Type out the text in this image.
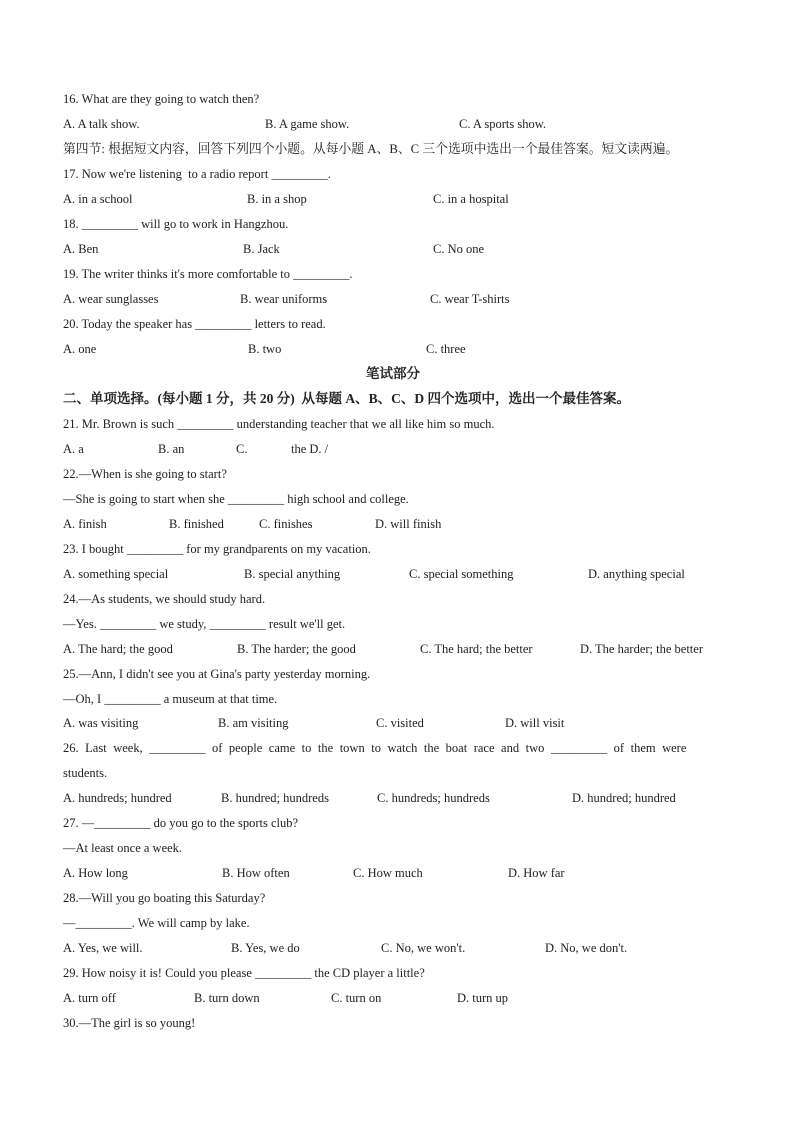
16. What are they going to watch then?
A. A talk show.	B. A game show.	C. A sports show.
第四节: 根据短文内容，回答下列四个小题。从每小题 A、B、C 三个选项中选出一个最佳答案。短文读两遍。
17. Now we're listening  to a radio report _________.
A. in a school	B. in a shop	C. in a hospital
18. _________ will go to work in Hangzhou.
A. Ben	B. Jack	C. No one
19. The writer thinks it's more comfortable to _________.
A. wear sunglasses	B. wear uniforms	C. wear T-shirts
20. Today the speaker has _________ letters to read.
A. one	B. two	C. three
笔试部分
二、单项选择。(每小题 1 分，共 20 分)  从每题 A、B、C、D 四个选项中，选出一个最佳答案。
21. Mr. Brown is such _________ understanding teacher that we all like him so much.
A. a	B. an	C.	the D. /
22.—When is she going to start?
—She is going to start when she _________ high school and college.
A. finish	B. finished	C. finishes	D. will finish
23. I bought _________ for my grandparents on my vacation.
A. something special	B. special anything	C. special something	D. anything special
24.—As students, we should study hard.
—Yes. _________ we study, _________ result we'll get.
A. The hard; the good	B. The harder; the good	C. The hard; the better	D. The harder; the better
25.—Ann, I didn't see you at Gina's party yesterday morning.
—Oh, I _________ a museum at that time.
A. was visiting	B. am visiting	C. visited	D. will visit
26. Last week, _________ of people came to the town to watch the boat race and two _________ of them were
students.
A. hundreds; hundred	B. hundred; hundreds	C. hundreds; hundreds	D. hundred; hundred
27. —_________ do you go to the sports club?
—At least once a week.
A. How long	B. How often	C. How much	D. How far
28.—Will you go boating this Saturday?
—_________. We will camp by lake.
A. Yes, we will.	B. Yes, we do	C. No, we won't.	D. No, we don't.
29. How noisy it is! Could you please _________ the CD player a little?
A. turn off	B. turn down	C. turn on	D. turn up
30.—The girl is so young!
